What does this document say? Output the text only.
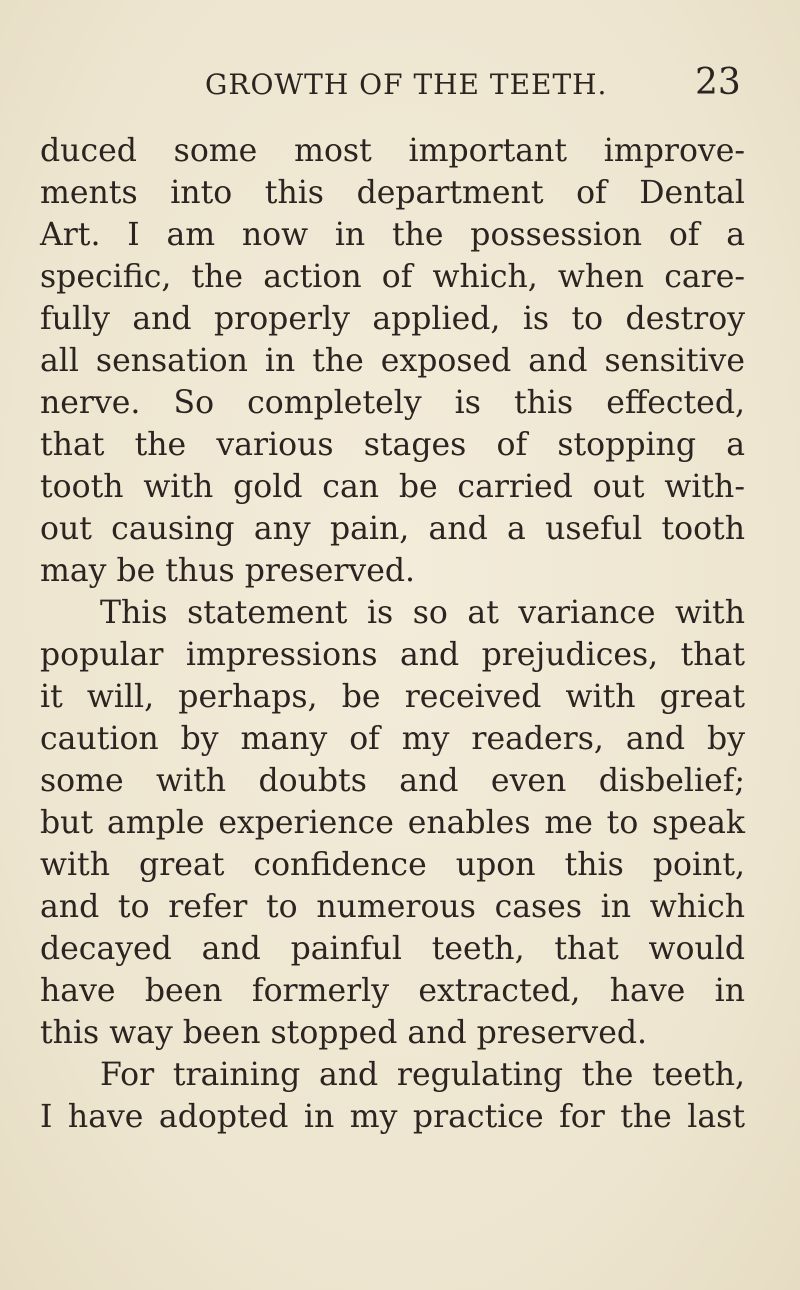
GROWTH OF THE TEETH. 23
duced some most important improve-
ments into this department of Dental
Art. I am now in the possession of a
specific, the action of which, when care-
fully and properly applied, is to destroy
all sensation in the exposed and sensitive
nerve. So completely is this effected,
that the various stages of stopping a
tooth with gold can be carried out with-
out causing any pain, and a useful tooth
may be thus preserved.
This statement is so at variance with
popular impressions and prejudices, that
it will, perhaps, be received with great
caution by many of my readers, and by
some with doubts and even disbelief;
but ample experience enables me to speak
with great confidence upon this point,
and to refer to numerous cases in which
decayed and painful teeth, that would
have been formerly extracted, have in
this way been stopped and preserved.
For training and regulating the teeth,
I have adopted in my practice for the last
